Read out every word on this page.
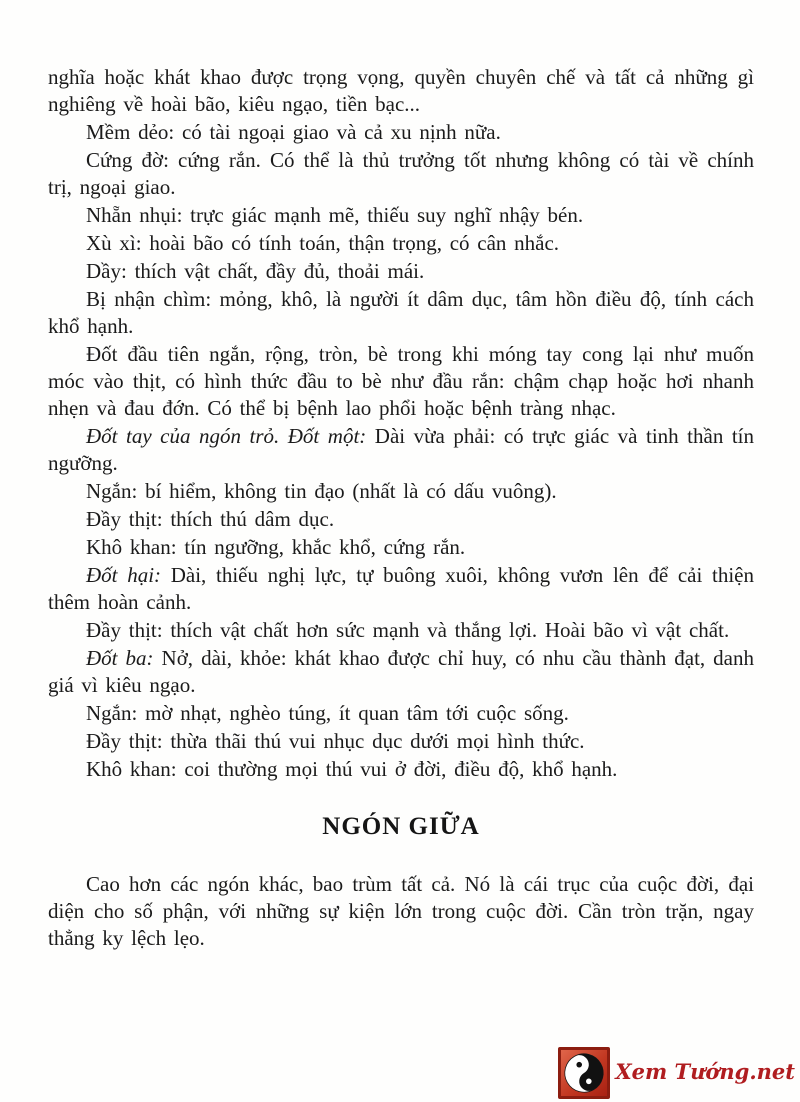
nghĩa hoặc khát khao được trọng vọng, quyền chuyên chế và tất cả những gì nghiêng về hoài bão, kiêu ngạo, tiền bạc...

Mềm dẻo: có tài ngoại giao và cả xu nịnh nữa.

Cứng đờ: cứng rắn. Có thể là thủ trưởng tốt nhưng không có tài về chính trị, ngoại giao.

Nhẵn nhụi: trực giác mạnh mẽ, thiếu suy nghĩ nhậy bén.

Xù xì: hoài bão có tính toán, thận trọng, có cân nhắc.

Dầy: thích vật chất, đầy đủ, thoải mái.

Bị nhận chìm: mỏng, khô, là người ít dâm dục, tâm hồn điều độ, tính cách khổ hạnh.

Đốt đầu tiên ngắn, rộng, tròn, bè trong khi móng tay cong lại như muốn móc vào thịt, có hình thức đầu to bè như đầu rắn: chậm chạp hoặc hơi nhanh nhẹn và đau đớn. Có thể bị bệnh lao phổi hoặc bệnh tràng nhạc.

Đốt tay của ngón trỏ. Đốt một: Dài vừa phải: có trực giác và tinh thần tín ngưỡng.

Ngắn: bí hiểm, không tin đạo (nhất là có dấu vuông).

Đầy thịt: thích thú dâm dục.

Khô khan: tín ngưỡng, khắc khổ, cứng rắn.

Đốt hại: Dài, thiếu nghị lực, tự buông xuôi, không vươn lên để cải thiện thêm hoàn cảnh.

Đầy thịt: thích vật chất hơn sức mạnh và thắng lợi. Hoài bão vì vật chất.

Đốt ba: Nở, dài, khỏe: khát khao được chỉ huy, có nhu cầu thành đạt, danh giá vì kiêu ngạo.

Ngắn: mờ nhạt, nghèo túng, ít quan tâm tới cuộc sống.

Đầy thịt: thừa thãi thú vui nhục dục dưới mọi hình thức.

Khô khan: coi thường mọi thú vui ở đời, điều độ, khổ hạnh.

NGÓN GIỮA

Cao hơn các ngón khác, bao trùm tất cả. Nó là cái trục của cuộc đời, đại diện cho số phận, với những sự kiện lớn trong cuộc đời. Cần tròn trặn, ngay thẳng ky lệch lẹo.

Xem Tướng.net
